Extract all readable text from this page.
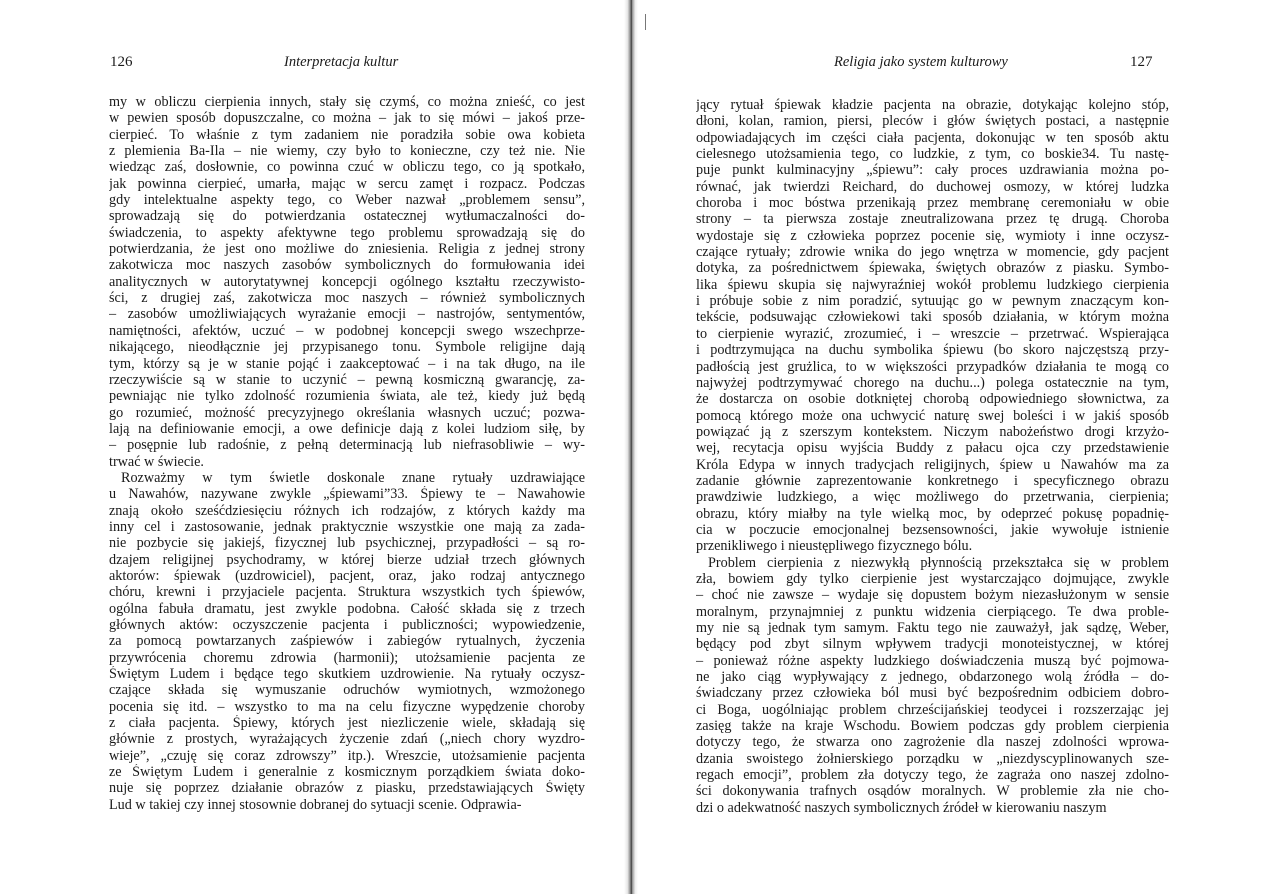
126	Interpretacja kultur
my w obliczu cierpienia innych, stały się czymś, co można znieść, co jest
w pewien sposób dopuszczalne, co można – jak to się mówi – jakoś prze-
cierpieć. To właśnie z tym zadaniem nie poradziła sobie owa kobieta
z plemienia Ba-Ila – nie wiemy, czy było to konieczne, czy też nie. Nie
wiedząc zaś, dosłownie, co powinna czuć w obliczu tego, co ją spotkało,
jak powinna cierpieć, umarła, mając w sercu zamęt i rozpacz. Podczas
gdy intelektualne aspekty tego, co Weber nazwał „problemem sensu”,
sprowadzają się do potwierdzania ostatecznej wytłumaczalności do-
świadczenia, to aspekty afektywne tego problemu sprowadzają się do
potwierdzania, że jest ono możliwe do zniesienia. Religia z jednej strony
zakotwicza moc naszych zasobów symbolicznych do formułowania idei
analitycznych w autorytatywnej koncepcji ogólnego kształtu rzeczywisto-
ści, z drugiej zaś, zakotwicza moc naszych – również symbolicznych
– zasobów umożliwiających wyrażanie emocji – nastrojów, sentymentów,
namiętności, afektów, uczuć – w podobnej koncepcji swego wszechprze-
nikającego, nieodłącznie jej przypisanego tonu. Symbole religijne dają
tym, którzy są je w stanie pojąć i zaakceptować – i na tak długo, na ile
rzeczywiście są w stanie to uczynić – pewną kosmiczną gwarancję, za-
pewniając nie tylko zdolność rozumienia świata, ale też, kiedy już będą
go rozumieć, możność precyzyjnego określania własnych uczuć; pozwa-
lają na definiowanie emocji, a owe definicje dają z kolei ludziom siłę, by
– posępnie lub radośnie, z pełną determinacją lub niefrasobliwie – wy-
trwać w świecie.
Rozważmy w tym świetle doskonale znane rytuały uzdrawiające
u Nawahów, nazywane zwykle „śpiewami”33. Śpiewy te – Nawahowie
znają około sześćdziesięciu różnych ich rodzajów, z których każdy ma
inny cel i zastosowanie, jednak praktycznie wszystkie one mają za zada-
nie pozbycie się jakiejś, fizycznej lub psychicznej, przypadłości – są ro-
dzajem religijnej psychodramy, w której bierze udział trzech głównych
aktorów: śpiewak (uzdrowiciel), pacjent, oraz, jako rodzaj antycznego
chóru, krewni i przyjaciele pacjenta. Struktura wszystkich tych śpiewów,
ogólna fabuła dramatu, jest zwykle podobna. Całość składa się z trzech
głównych aktów: oczyszczenie pacjenta i publiczności; wypowiedzenie,
za pomocą powtarzanych zaśpiewów i zabiegów rytualnych, życzenia
przywrócenia choremu zdrowia (harmonii); utożsamienie pacjenta ze
Świętym Ludem i będące tego skutkiem uzdrowienie. Na rytuały oczysz-
czające składa się wymuszanie odruchów wymiotnych, wzmożonego
pocenia się itd. – wszystko to ma na celu fizyczne wypędzenie choroby
z ciała pacjenta. Śpiewy, których jest niezliczenie wiele, składają się
głównie z prostych, wyrażających życzenie zdań („niech chory wyzdro-
wieje”, „czuję się coraz zdrowszy” itp.). Wreszcie, utożsamienie pacjenta
ze Świętym Ludem i generalnie z kosmicznym porządkiem świata doko-
nuje się poprzez działanie obrazów z piasku, przedstawiających Święty
Lud w takiej czy innej stosownie dobranej do sytuacji scenie. Odprawia-
Religia jako system kulturowy	127
jący rytuał śpiewak kładzie pacjenta na obrazie, dotykając kolejno stóp,
dłoni, kolan, ramion, piersi, pleców i głów świętych postaci, a następnie
odpowiadających im części ciała pacjenta, dokonując w ten sposób aktu
cielesnego utożsamienia tego, co ludzkie, z tym, co boskie34. Tu nastę-
puje punkt kulminacyjny „śpiewu”: cały proces uzdrawiania można po-
równać, jak twierdzi Reichard, do duchowej osmozy, w której ludzka
choroba i moc bóstwa przenikają przez membranę ceremoniału w obie
strony – ta pierwsza zostaje zneutralizowana przez tę drugą. Choroba
wydostaje się z człowieka poprzez pocenie się, wymioty i inne oczysz-
czające rytuały; zdrowie wnika do jego wnętrza w momencie, gdy pacjent
dotyka, za pośrednictwem śpiewaka, świętych obrazów z piasku. Symbo-
lika śpiewu skupia się najwyraźniej wokół problemu ludzkiego cierpienia
i próbuje sobie z nim poradzić, sytuując go w pewnym znaczącym kon-
tekście, podsuwając człowiekowi taki sposób działania, w którym można
to cierpienie wyrazić, zrozumieć, i – wreszcie – przetrwać. Wspierająca
i podtrzymująca na duchu symbolika śpiewu (bo skoro najczęstszą przy-
padłością jest grużlica, to w większości przypadków działania te mogą co
najwyżej podtrzymywać chorego na duchu...) polega ostatecznie na tym,
że dostarcza on osobie dotkniętej chorobą odpowiedniego słownictwa, za
pomocą którego może ona uchwycić naturę swej boleści i w jakiś sposób
powiązać ją z szerszym kontekstem. Niczym nabożeństwo drogi krzyżo-
wej, recytacja opisu wyjścia Buddy z pałacu ojca czy przedstawienie
Króla Edypa w innych tradycjach religijnych, śpiew u Nawahów ma za
zadanie głównie zaprezentowanie konkretnego i specyficznego obrazu
prawdziwie ludzkiego, a więc możliwego do przetrwania, cierpienia;
obrazu, który miałby na tyle wielką moc, by odeprzeć pokusę popadnię-
cia w poczucie emocjonalnej bezsensowności, jakie wywołuje istnienie
przenikliwego i nieustępliwego fizycznego bólu.
Problem cierpienia z niezwykłą płynnością przekształca się w problem
zła, bowiem gdy tylko cierpienie jest wystarczająco dojmujące, zwykle
– choć nie zawsze – wydaje się dopustem bożym niezasłużonym w sensie
moralnym, przynajmniej z punktu widzenia cierpiącego. Te dwa proble-
my nie są jednak tym samym. Faktu tego nie zauważył, jak sądzę, Weber,
będący pod zbyt silnym wpływem tradycji monoteistycznej, w której
– ponieważ różne aspekty ludzkiego doświadczenia muszą być pojmowa-
ne jako ciąg wypływający z jednego, obdarzonego wolą źródła – do-
świadczany przez człowieka ból musi być bezpośrednim odbiciem dobro-
ci Boga, uogólniając problem chrześcijańskiej teodycei i rozszerzając jej
zasięg także na kraje Wschodu. Bowiem podczas gdy problem cierpienia
dotyczy tego, że stwarza ono zagrożenie dla naszej zdolności wprowa-
dzania swoistego żołnierskiego porządku w „niezdyscyplinowanych sze-
regach emocji”, problem zła dotyczy tego, że zagraża ono naszej zdolno-
ści dokonywania trafnych osądów moralnych. W problemie zła nie cho-
dzi o adekwatność naszych symbolicznych źródeł w kierowaniu naszym
